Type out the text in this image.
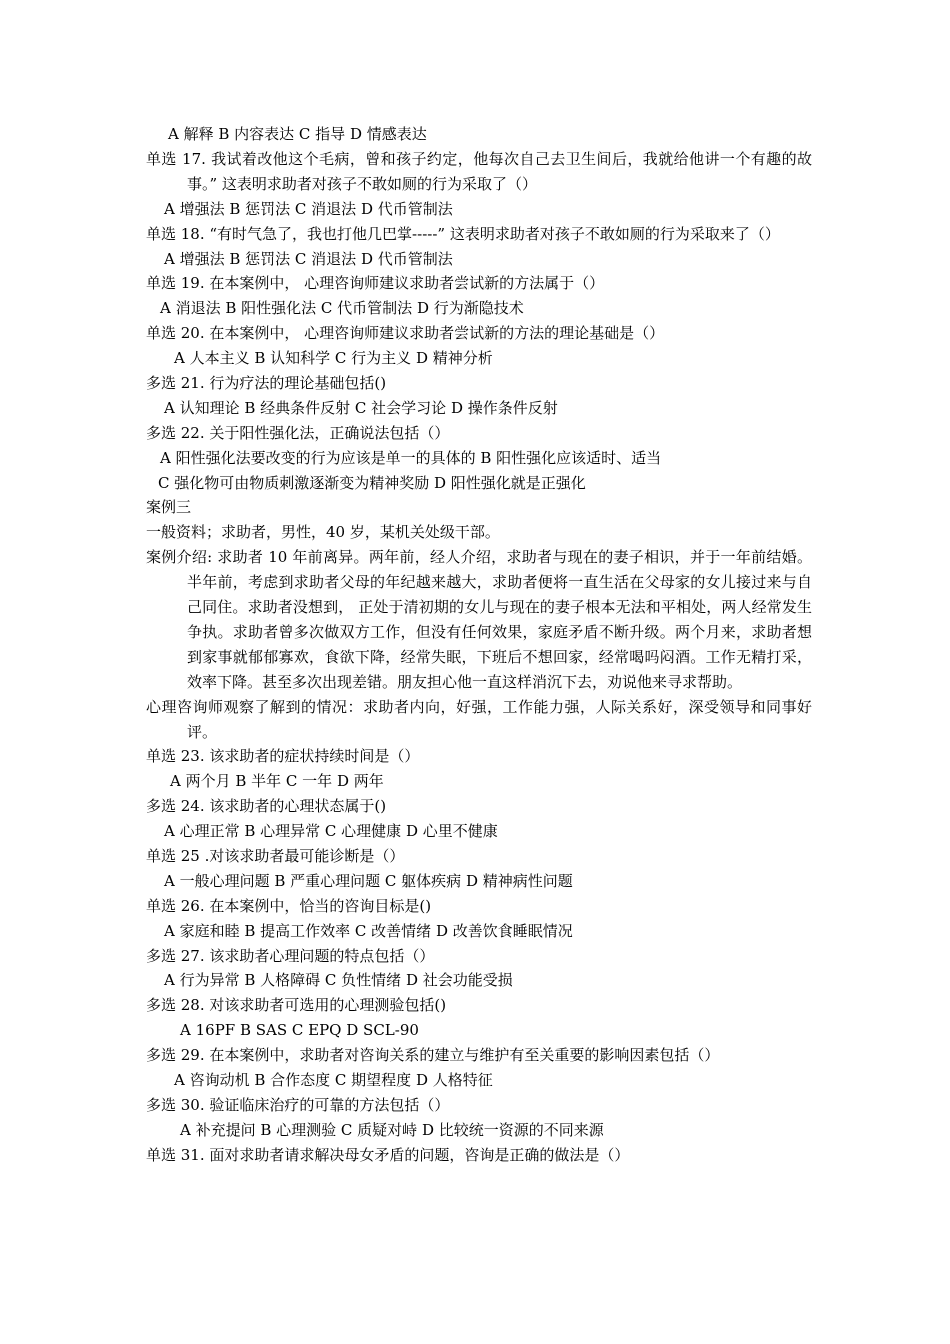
A 解释 B 内容表达 C 指导 D 情感表达
单选 17. 我试着改他这个毛病，曾和孩子约定，他每次自己去卫生间后，我就给他讲一个有趣的故事。” 这表明求助者对孩子不敢如厕的行为采取了（）
A 增强法 B 惩罚法 C 消退法 D 代币管制法
单选 18. “有时气急了，我也打他几巴掌-----” 这表明求助者对孩子不敢如厕的行为采取来了（）
A 增强法 B 惩罚法 C 消退法 D 代币管制法
单选 19. 在本案例中， 心理咨询师建议求助者尝试新的方法属于（）
A 消退法 B 阳性强化法 C 代币管制法 D 行为渐隐技术
单选 20. 在本案例中， 心理咨询师建议求助者尝试新的方法的理论基础是（）
A 人本主义 B 认知科学 C 行为主义 D 精神分析
多选 21. 行为疗法的理论基础包括()
A 认知理论 B 经典条件反射 C 社会学习论 D 操作条件反射
多选 22. 关于阳性强化法，正确说法包括（）
A 阳性强化法要改变的行为应该是单一的具体的 B 阳性强化应该适时、适当
C 强化物可由物质刺激逐渐变为精神奖励 D 阳性强化就是正强化
案例三
一般资料；求助者，男性，40 岁，某机关处级干部。
案例介绍: 求助者 10 年前离异。两年前，经人介绍，求助者与现在的妻子相识，并于一年前结婚。半年前，考虑到求助者父母的年纪越来越大，求助者便将一直生活在父母家的女儿接过来与自己同住。求助者没想到， 正处于清初期的女儿与现在的妻子根本无法和平相处，两人经常发生争执。求助者曾多次做双方工作，但没有任何效果，家庭矛盾不断升级。两个月来，求助者想到家事就郁郁寡欢，食欲下降，经常失眠，下班后不想回家，经常喝吗闷酒。工作无精打采，效率下降。甚至多次出现差错。朋友担心他一直这样消沉下去，劝说他来寻求帮助。
心理咨询师观察了解到的情况：求助者内向，好强，工作能力强，人际关系好，深受领导和同事好评。
单选 23. 该求助者的症状持续时间是（）
A 两个月 B 半年 C 一年 D 两年
多选 24. 该求助者的心理状态属于()
A 心理正常 B 心理异常 C 心理健康 D 心里不健康
单选 25 .对该求助者最可能诊断是（）
A 一般心理问题 B 严重心理问题 C 躯体疾病 D 精神病性问题
单选 26. 在本案例中，恰当的咨询目标是()
A 家庭和睦 B 提高工作效率 C 改善情绪 D 改善饮食睡眠情况
多选 27. 该求助者心理问题的特点包括（）
A 行为异常 B 人格障碍 C 负性情绪 D 社会功能受损
多选 28. 对该求助者可选用的心理测验包括()
A 16PF B SAS C EPQ D SCL-90
多选 29. 在本案例中，求助者对咨询关系的建立与维护有至关重要的影响因素包括（）
A 咨询动机 B 合作态度 C 期望程度 D 人格特征
多选 30. 验证临床治疗的可靠的方法包括（）
A 补充提问 B 心理测验 C 质疑对峙 D 比较统一资源的不同来源
单选 31. 面对求助者请求解决母女矛盾的问题，咨询是正确的做法是（）
